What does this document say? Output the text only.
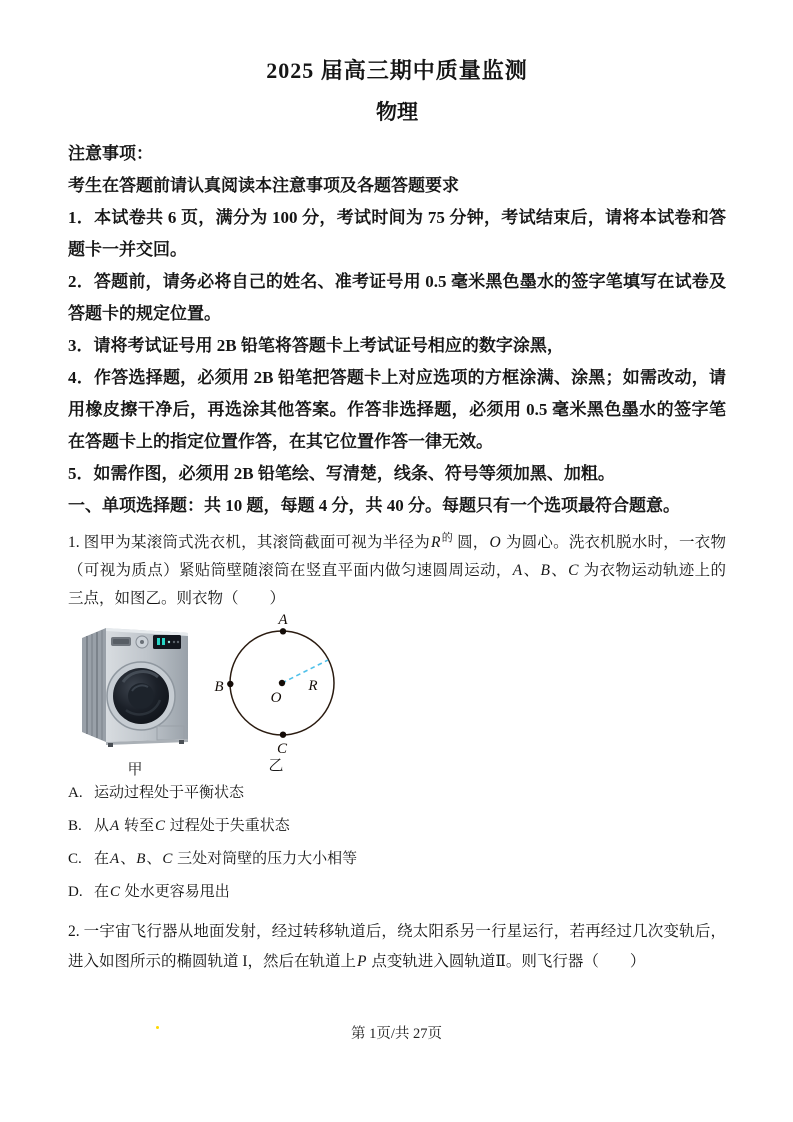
2025 届高三期中质量监测
物理

注意事项：

考生在答题前请认真阅读本注意事项及各题答题要求

1．本试卷共 6 页，满分为 100 分，考试时间为 75 分钟，考试结束后，请将本试卷和答题卡一并交回。

2．答题前，请务必将自己的姓名、准考证号用 0.5 毫米黑色墨水的签字笔填写在试卷及答题卡的规定位置。

3．请将考试证号用 2B 铅笔将答题卡上考试证号相应的数字涂黑，

4．作答选择题，必须用 2B 铅笔把答题卡上对应选项的方框涂满、涂黑；如需改动，请用橡皮擦干净后，再选涂其他答案。作答非选择题，必须用 0.5 毫米黑色墨水的签字笔在答题卡上的指定位置作答，在其它位置作答一律无效。

5．如需作图，必须用 2B 铅笔绘、写清楚，线条、符号等须加黑、加粗。

一、单项选择题：共 10 题，每题 4 分，共 40 分。每题只有一个选项最符合题意。

1. 图甲为某滚筒式洗衣机，其滚筒截面可视为半径为$R^的$ 圆，O 为圆心。洗衣机脱水时，一衣物（可视为质点）紧贴筒壁随滚筒在竖直平面内做匀速圆周运动，A、B、C 为衣物运动轨迹上的三点，如图乙。则衣物（　　）

甲
A
B
C
O
R
乙

A. 运动过程处于平衡状态

B. 从A 转至C 过程处于失重状态

C. 在A、B、C 三处对筒壁的压力大小相等

D. 在C 处水更容易甩出

2. 一宇宙飞行器从地面发射，经过转移轨道后，绕太阳系另一行星运行，若再经过几次变轨后，进入如图所示的椭圆轨道 I，然后在轨道上P 点变轨进入圆轨道Ⅱ。则飞行器（　　）

第 1页/共 27页
